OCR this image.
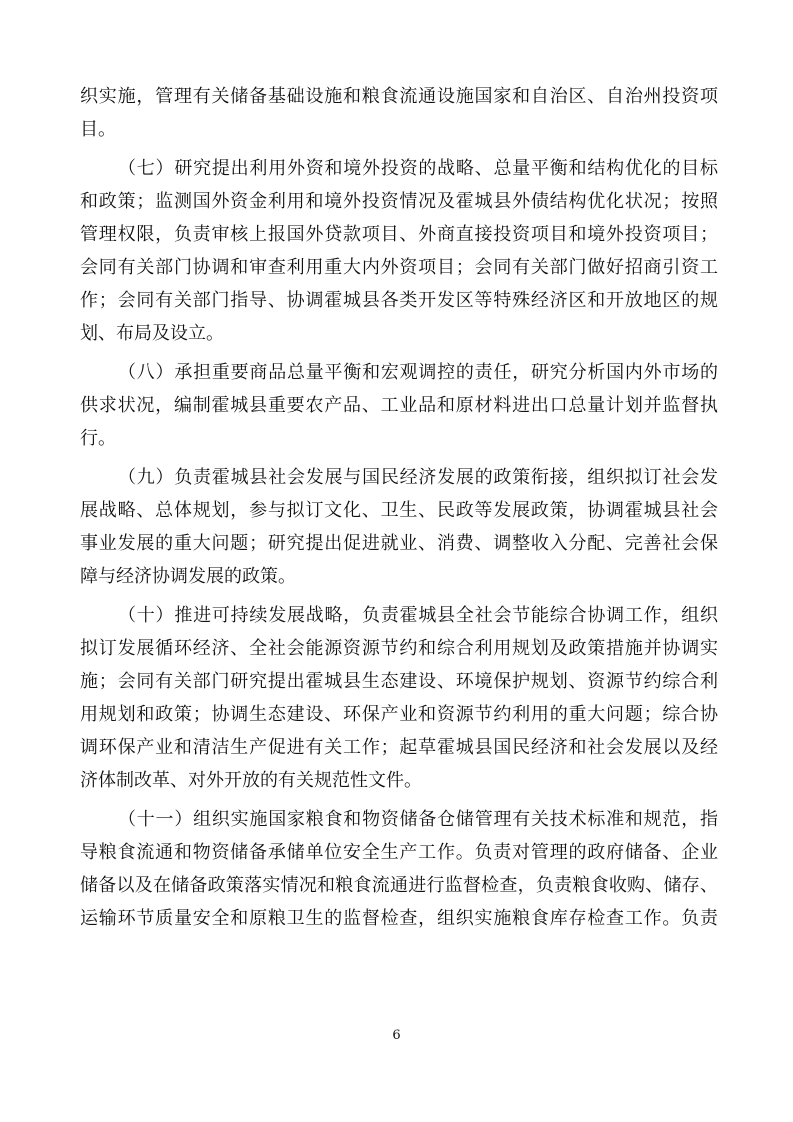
织实施，管理有关储备基础设施和粮食流通设施国家和自治区、自治州投资项
目。
（七）研究提出利用外资和境外投资的战略、总量平衡和结构优化的目标
和政策；监测国外资金利用和境外投资情况及霍城县外债结构优化状况；按照
管理权限，负责审核上报国外贷款项目、外商直接投资项目和境外投资项目；
会同有关部门协调和审查利用重大内外资项目；会同有关部门做好招商引资工
作；会同有关部门指导、协调霍城县各类开发区等特殊经济区和开放地区的规
划、布局及设立。
（八）承担重要商品总量平衡和宏观调控的责任，研究分析国内外市场的
供求状况，编制霍城县重要农产品、工业品和原材料进出口总量计划并监督执
行。
（九）负责霍城县社会发展与国民经济发展的政策衔接，组织拟订社会发
展战略、总体规划，参与拟订文化、卫生、民政等发展政策，协调霍城县社会
事业发展的重大问题；研究提出促进就业、消费、调整收入分配、完善社会保
障与经济协调发展的政策。
（十）推进可持续发展战略，负责霍城县全社会节能综合协调工作，组织
拟订发展循环经济、全社会能源资源节约和综合利用规划及政策措施并协调实
施；会同有关部门研究提出霍城县生态建设、环境保护规划、资源节约综合利
用规划和政策；协调生态建设、环保产业和资源节约利用的重大问题；综合协
调环保产业和清洁生产促进有关工作；起草霍城县国民经济和社会发展以及经
济体制改革、对外开放的有关规范性文件。
（十一）组织实施国家粮食和物资储备仓储管理有关技术标准和规范，指
导粮食流通和物资储备承储单位安全生产工作。负责对管理的政府储备、企业
储备以及在储备政策落实情况和粮食流通进行监督检查，负责粮食收购、储存、
运输环节质量安全和原粮卫生的监督检查，组织实施粮食库存检查工作。负责
6
